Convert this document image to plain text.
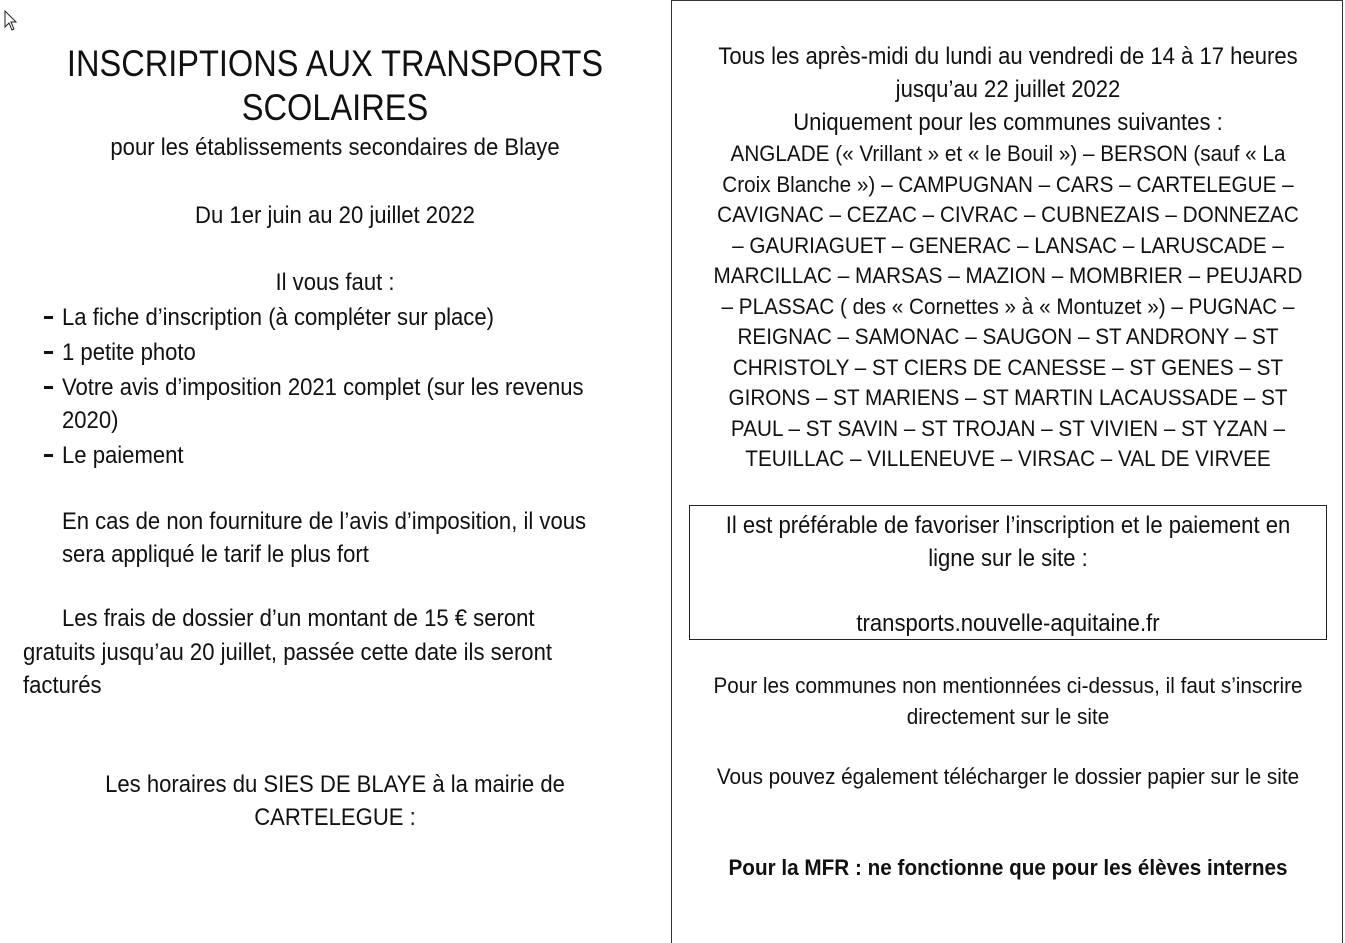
INSCRIPTIONS AUX TRANSPORTS
SCOLAIRES
pour les établissements secondaires de Blaye
Du 1er juin au 20 juillet 2022
Il vous faut :
La fiche d’inscription (à compléter sur place)
1 petite photo
Votre avis d’imposition 2021 complet (sur les revenus
2020)
Le paiement
En cas de non fourniture de l’avis d’imposition, il vous
sera appliqué le tarif le plus fort
Les frais de dossier d’un montant de 15 € seront
gratuits jusqu’au 20 juillet, passée cette date ils seront
facturés
Les horaires du SIES DE BLAYE à la mairie de
CARTELEGUE :
Tous les après-midi du lundi au vendredi de 14 à 17 heures
jusqu’au 22 juillet 2022
Uniquement pour les communes suivantes :
ANGLADE (« Vrillant » et « le Bouil ») – BERSON (sauf « La
Croix Blanche ») – CAMPUGNAN – CARS – CARTELEGUE –
CAVIGNAC – CEZAC – CIVRAC – CUBNEZAIS – DONNEZAC
– GAURIAGUET – GENERAC – LANSAC – LARUSCADE –
MARCILLAC – MARSAS – MAZION – MOMBRIER – PEUJARD
– PLASSAC ( des « Cornettes » à « Montuzet ») – PUGNAC –
REIGNAC – SAMONAC – SAUGON – ST ANDRONY – ST
CHRISTOLY – ST CIERS DE CANESSE – ST GENES – ST
GIRONS – ST MARIENS – ST MARTIN LACAUSSADE – ST
PAUL – ST SAVIN – ST TROJAN – ST VIVIEN – ST YZAN –
TEUILLAC – VILLENEUVE – VIRSAC – VAL DE VIRVEE
Il est préférable de favoriser l’inscription et le paiement en
ligne sur le site :
transports.nouvelle-aquitaine.fr
Pour les communes non mentionnées ci-dessus, il faut s’inscrire
directement sur le site
Vous pouvez également télécharger le dossier papier sur le site
Pour la MFR : ne fonctionne que pour les élèves internes
